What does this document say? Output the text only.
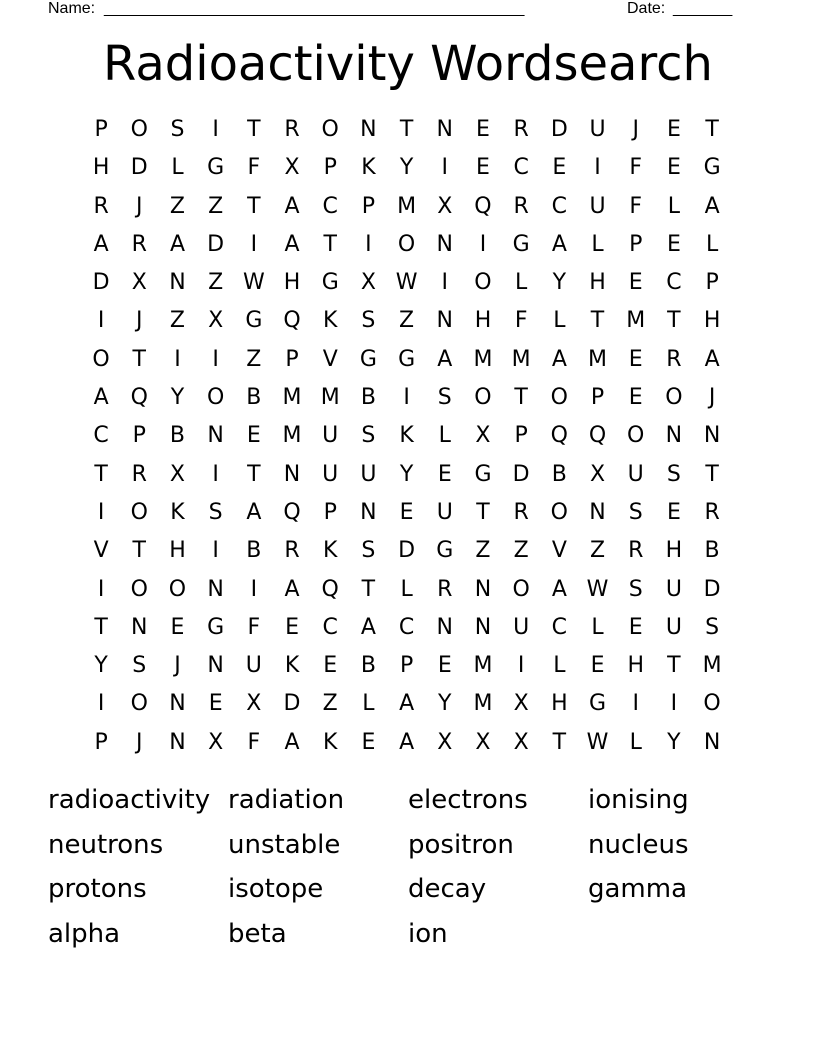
Name: __________________________________________________	Date: _______
Radioactivity Wordsearch
P	O	S	I	T	R O N	T	N	E	R	D U	J	E	T
H D	L	G	F	X	P	K	Y	I	E	C	E	I	F	E	G
R	J	Z	Z	T	A	C	P	M X Q R	C	U	F	L	A
A	R	A	D	I	A	T	I	O N	I	G	A	L	P	E	L
D	X	N	Z W H G	X W	I	O	L	Y	H	E	C	P
I	J	Z	X	G Q	K	S	Z	N H	F	L	T M T	H
O	T	I	I	Z	P	V	G G	A M M A M E	R	A
A Q	Y	O B M M B	I	S	O	T	O	P	E	O	J
C	P	B	N	E M U	S	K	L	X	P	Q Q O N N
T	R	X	I	T	N U	U	Y	E	G D	B	X	U	S	T
I	O	K	S	A Q	P	N	E	U	T	R O N	S	E	R
V	T	H	I	B	R	K	S	D G	Z	Z	V	Z	R	H	B
I	O O N	I	A Q	T	L	R	N O	A W S	U D
T	N	E	G	F	E	C	A	C	N N U	C	L	E	U	S
Y	S	J	N U	K	E	B	P	E M	I	L	E	H	T M
I	O N	E	X	D	Z	L	A	Y M X	H G	I	I	O
P	J	N	X	F	A	K	E	A	X	X	X	T W L	Y	N
radioactivity radiation	electrons	ionising
neutrons	unstable	positron	nucleus
protons	isotope	decay	gamma
alpha	beta	ion
